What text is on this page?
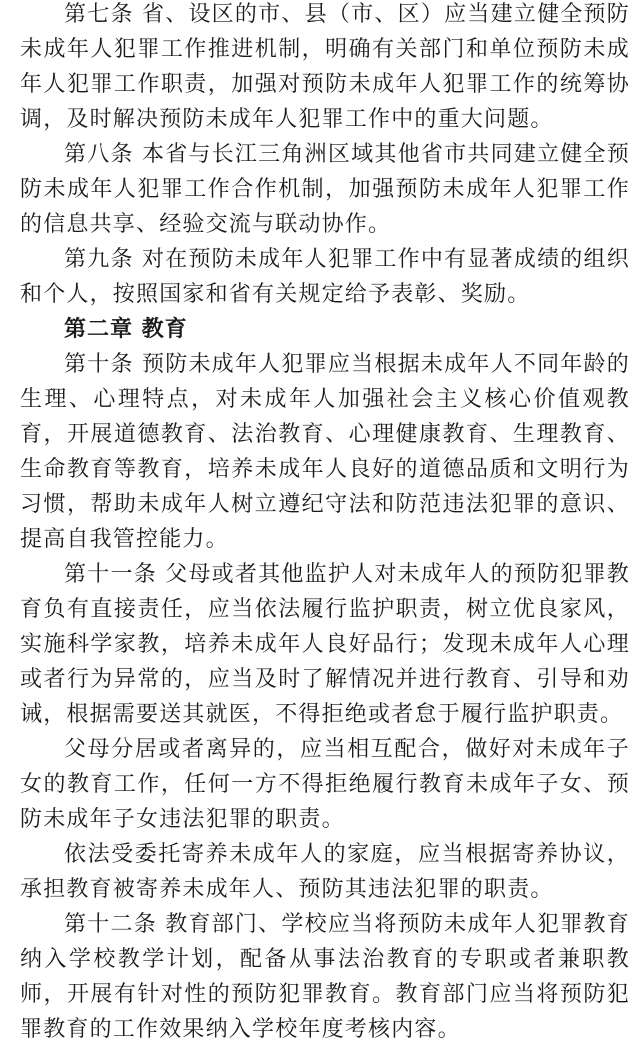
第七条 省、设区的市、县（市、区）应当建立健全预防未成年人犯罪工作推进机制，明确有关部门和单位预防未成年人犯罪工作职责，加强对预防未成年人犯罪工作的统筹协调，及时解决预防未成年人犯罪工作中的重大问题。

第八条 本省与长江三角洲区域其他省市共同建立健全预防未成年人犯罪工作合作机制，加强预防未成年人犯罪工作的信息共享、经验交流与联动协作。

第九条 对在预防未成年人犯罪工作中有显著成绩的组织和个人，按照国家和省有关规定给予表彰、奖励。

第二章 教育

第十条 预防未成年人犯罪应当根据未成年人不同年龄的生理、心理特点，对未成年人加强社会主义核心价值观教育，开展道德教育、法治教育、心理健康教育、生理教育、生命教育等教育，培养未成年人良好的道德品质和文明行为习惯，帮助未成年人树立遵纪守法和防范违法犯罪的意识、提高自我管控能力。

第十一条 父母或者其他监护人对未成年人的预防犯罪教育负有直接责任，应当依法履行监护职责，树立优良家风，实施科学家教，培养未成年人良好品行；发现未成年人心理或者行为异常的，应当及时了解情况并进行教育、引导和劝诫，根据需要送其就医，不得拒绝或者怠于履行监护职责。

父母分居或者离异的，应当相互配合，做好对未成年子女的教育工作，任何一方不得拒绝履行教育未成年子女、预防未成年子女违法犯罪的职责。

依法受委托寄养未成年人的家庭，应当根据寄养协议，承担教育被寄养未成年人、预防其违法犯罪的职责。

第十二条 教育部门、学校应当将预防未成年人犯罪教育纳入学校教学计划，配备从事法治教育的专职或者兼职教师，开展有针对性的预防犯罪教育。教育部门应当将预防犯罪教育的工作效果纳入学校年度考核内容。
